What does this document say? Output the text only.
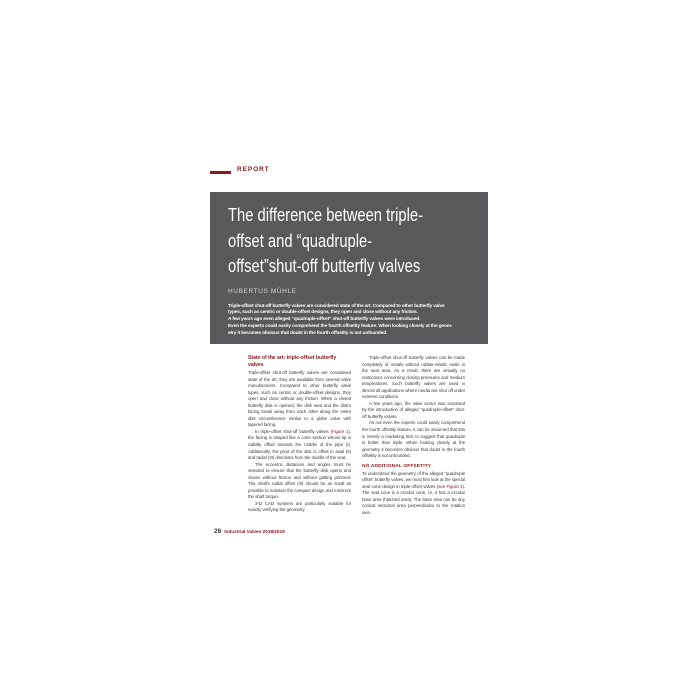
REPORT
The difference between triple-
offset and “quadruple-
offset”shut-off butterfly valves
HUBERTUS MÜHLE
Triple-offset shut-off butterfly valves are considered state of the art. Compared to other butterfly valve
types, such as centric or double-offset designs, they open and close without any friction.
A few years ago even alleged “quadruple-offset” shut-off butterfly valves were introduced.
Even the experts could easily comprehend the fourth offsetity feature. When looking closely at the geom-
etry it becomes obvious that doubt in the fourth offsetity is not unfounded.
State of the art: triple-offset butterfly valves
Triple-offset shut-off butterfly valves are considered state of the art; they are available from several valve manufacturers. Compared to other butterfly valve types, such as centric or double-offset designs, they open and close without any friction. When a closed butterfly disk is opened, the disk seat and the disk's facing break away from each other along the entire disk circumference similar to a globe valve with tapered facing.
In triple-offset shut-off butterfly valves (Figure 1), the facing is shaped like a cone section whose tip is radially offset towards the middle of the pipe (I). Additionally, the pivot of the disk is offset in axial (II) and radial (III) directions from the middle of the seat.
The eccentric distances and angles must be selected to ensure that the butterfly disk opens and closes without friction and without getting jammed. The shaft's radial offset (III) should be as small as possible to maintain the compact design and minimize the shaft torque.
3-D CAD systems are particularly suitable for exactly verifying the geometry.
Triple-offset shut-off butterfly valves can be made completely of metals without rubber-elastic seals in the seat area. As a result, there are virtually no restrictions concerning closing pressures and medium temperatures. Such butterfly valves are used in almost all applications where media are shut off under extreme conditions.
A few years ago, the valve sector was surprised by the introduction of alleged “quadruple-offset” shut-off butterfly valves.
As not even the experts could easily comprehend the fourth offsetity feature, it can be assumed that this is merely a marketing trick to suggest that quadruple is better than triple. When looking closely at the geometry it becomes obvious that doubt in the fourth offsetity is not unfounded.
NO ADDITIONAL OFFSETITY
To understand the geometry of the alleged “quadruple offset” butterfly valves, we must first look at the special seat cone design in triple-offset valves (see Figure 1). The seat cone is a circular cone, i.e. it has a circular base area (hatched area). The base area can be any conical sectional area perpendicular to the rotation axis.
26 Industrial Valves 2018/2019
